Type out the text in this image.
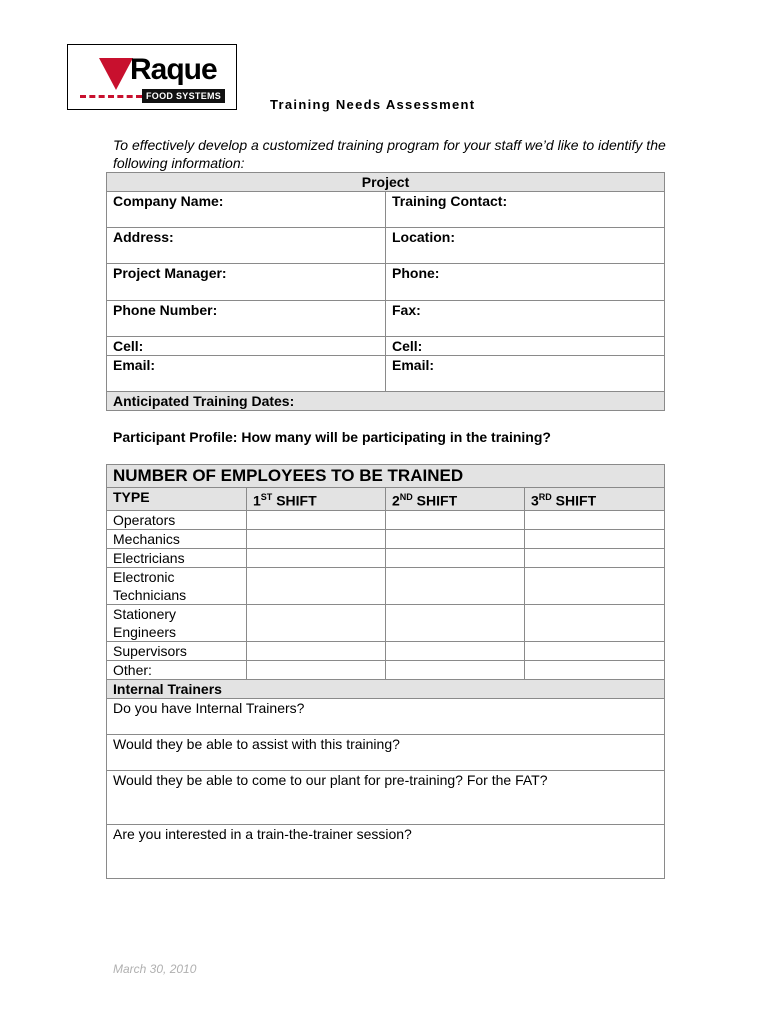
Raque
FOOD SYSTEMS
Training Needs Assessment
To effectively develop a customized training program for your staff we’d like to identify the following information:
Project	
Company Name:	Training Contact:
Address:	Location:
Project Manager:	Phone:
Phone Number:	Fax:
Cell:	Cell:
Email:	Email:
Anticipated Training Dates:	
Participant Profile: How many will be participating in the training?
NUMBER OF EMPLOYEES TO BE TRAINED			
TYPE	1ST SHIFT	2ND SHIFT	3RD SHIFT
Operators			
Mechanics			
Electricians			

Electronic
Technicians			

Stationery
Engineers			

Supervisors			
Other:			
Internal Trainers			
Do you have Internal Trainers?			
Would they be able to assist with this training?			
Would they be able to come to our plant for pre-training? For the FAT?			
Are you interested in a train-the-trainer session?			
March 30, 2010
